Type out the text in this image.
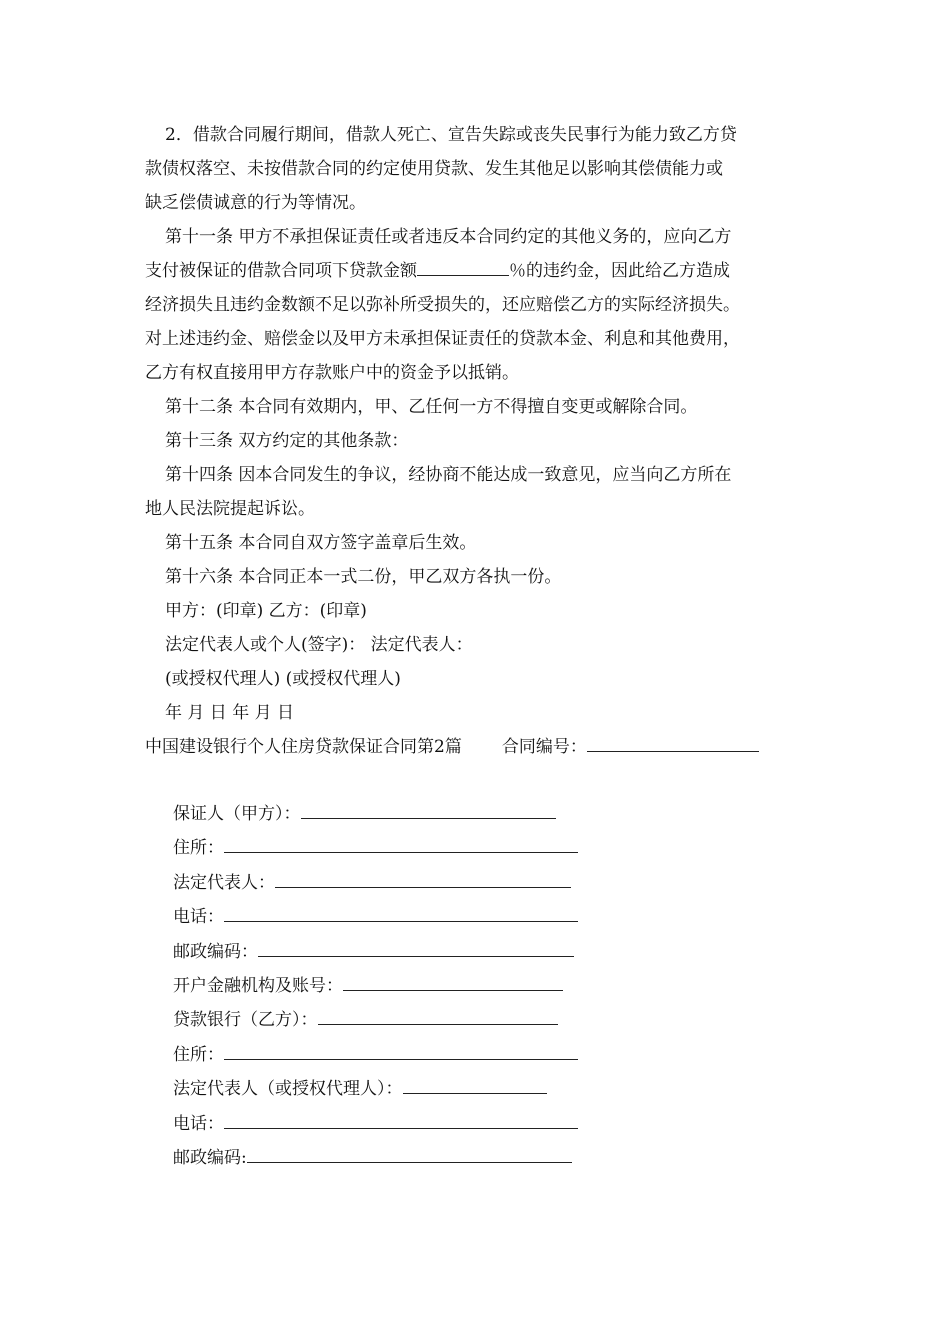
2．借款合同履行期间，借款人死亡、宣告失踪或丧失民事行为能力致乙方贷
款债权落空、未按借款合同的约定使用贷款、发生其他足以影响其偿债能力或
缺乏偿债诚意的行为等情况。
第十一条 甲方不承担保证责任或者违反本合同约定的其他义务的，应向乙方
支付被保证的借款合同项下贷款金额	％的违约金，因此给乙方造成
经济损失且违约金数额不足以弥补所受损失的，还应赔偿乙方的实际经济损失。
对上述违约金、赔偿金以及甲方未承担保证责任的贷款本金、利息和其他费用，
乙方有权直接用甲方存款账户中的资金予以抵销。
第十二条 本合同有效期内，甲、乙任何一方不得擅自变更或解除合同。
第十三条 双方约定的其他条款：
第十四条 因本合同发生的争议，经协商不能达成一致意见，应当向乙方所在
地人民法院提起诉讼。
第十五条 本合同自双方签字盖章后生效。
第十六条 本合同正本一式二份，甲乙双方各执一份。
甲方：(印章) 乙方：(印章)
法定代表人或个人(签字)： 法定代表人：
(或授权代理人) (或授权代理人)
年 月 日 年 月 日
中国建设银行个人住房贷款保证合同第2篇 合同编号：
保证人（甲方）：
住所：
法定代表人：
电话：
邮政编码：
开户金融机构及账号：
贷款银行（乙方）：
住所：
法定代表人（或授权代理人）：
电话：
邮政编码:
